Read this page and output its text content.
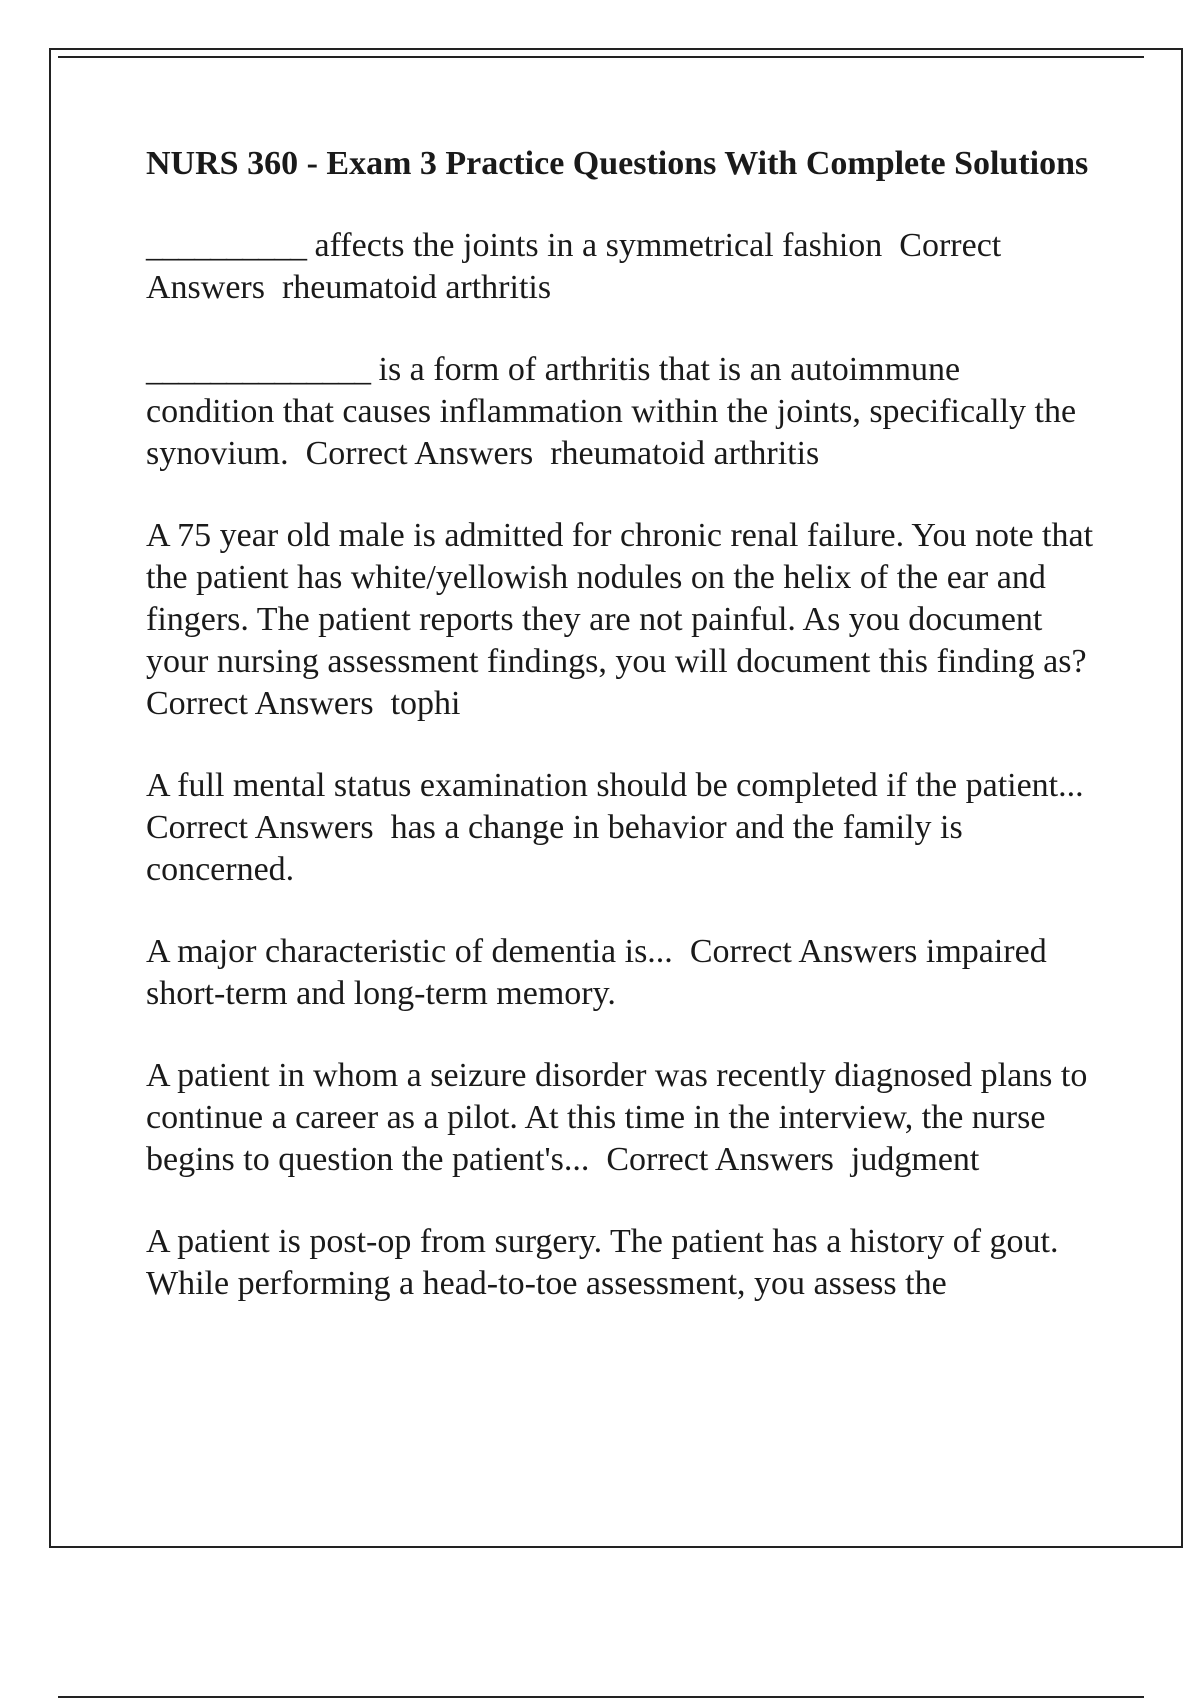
NURS 360 - Exam 3 Practice Questions With Complete Solutions

__________ affects the joints in a symmetrical fashion Correct Answers rheumatoid arthritis

______________ is a form of arthritis that is an autoimmune condition that causes inflammation within the joints, specifically the synovium. Correct Answers rheumatoid arthritis

A 75 year old male is admitted for chronic renal failure. You note that the patient has white/yellowish nodules on the helix of the ear and fingers. The patient reports they are not painful. As you document your nursing assessment findings, you will document this finding as?  Correct Answers tophi

A full mental status examination should be completed if the patient...  Correct Answers has a change in behavior and the family is concerned.

A major characteristic of dementia is... Correct Answers impaired short-term and long-term memory.

A patient in whom a seizure disorder was recently diagnosed plans to continue a career as a pilot. At this time in the interview, the nurse begins to question the patient's... Correct Answers judgment

A patient is post-op from surgery. The patient has a history of gout. While performing a head-to-toe assessment, you assess the
